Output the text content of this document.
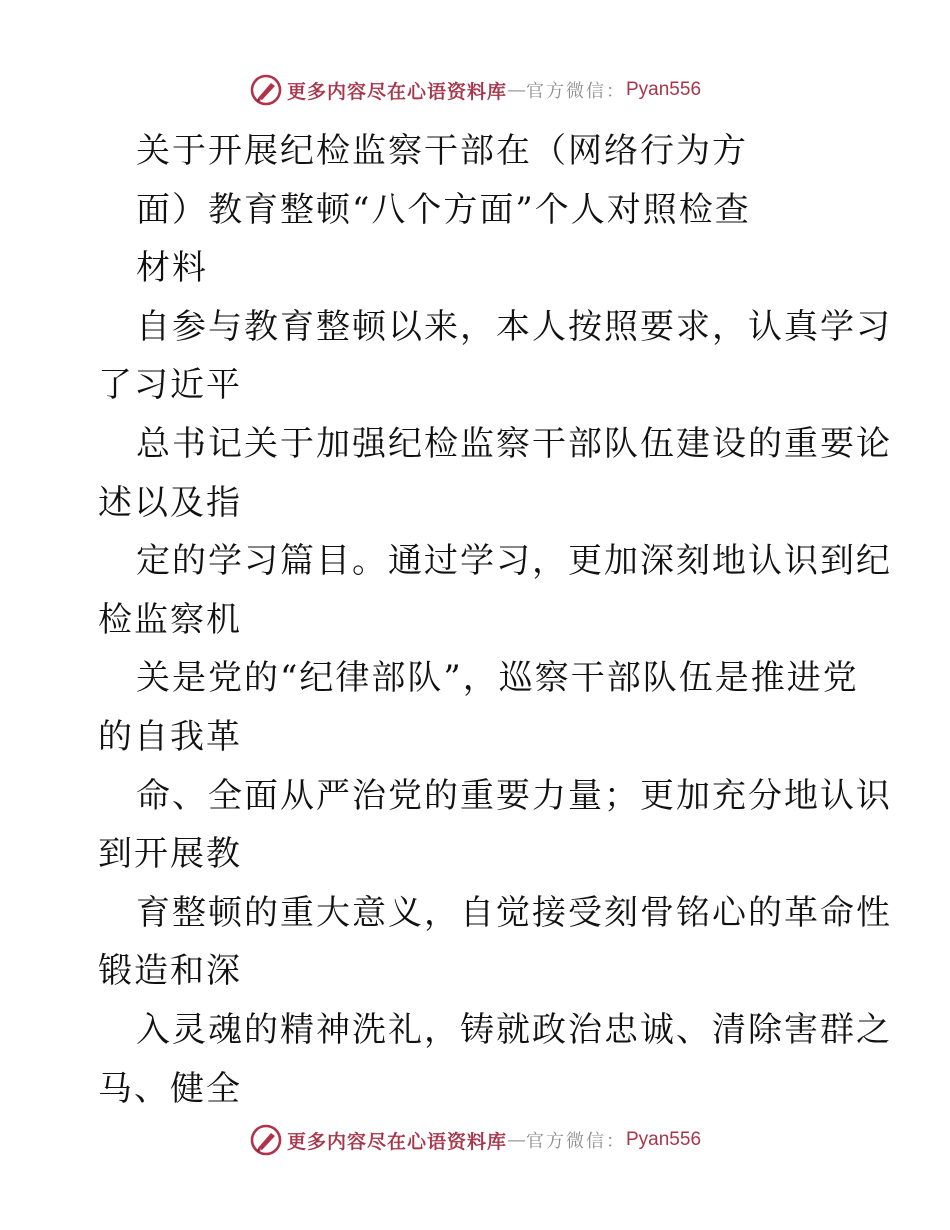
更多内容尽在心语资料库 — 官方微信： Pyan556
关于开展纪检监察干部在（网络行为方
面）教育整顿“八个方面”个人对照检查
材料
自参与教育整顿以来，本人按照要求，认真学习
了习近平
总书记关于加强纪检监察干部队伍建设的重要论
述以及指
定的学习篇目。通过学习，更加深刻地认识到纪
检监察机
关是党的“纪律部队”，巡察干部队伍是推进党
的自我革
命、全面从严治党的重要力量；更加充分地认识
到开展教
育整顿的重大意义，自觉接受刻骨铭心的革命性
锻造和深
入灵魂的精神洗礼，铸就政治忠诚、清除害群之
马、健全
更多内容尽在心语资料库 — 官方微信： Pyan556
